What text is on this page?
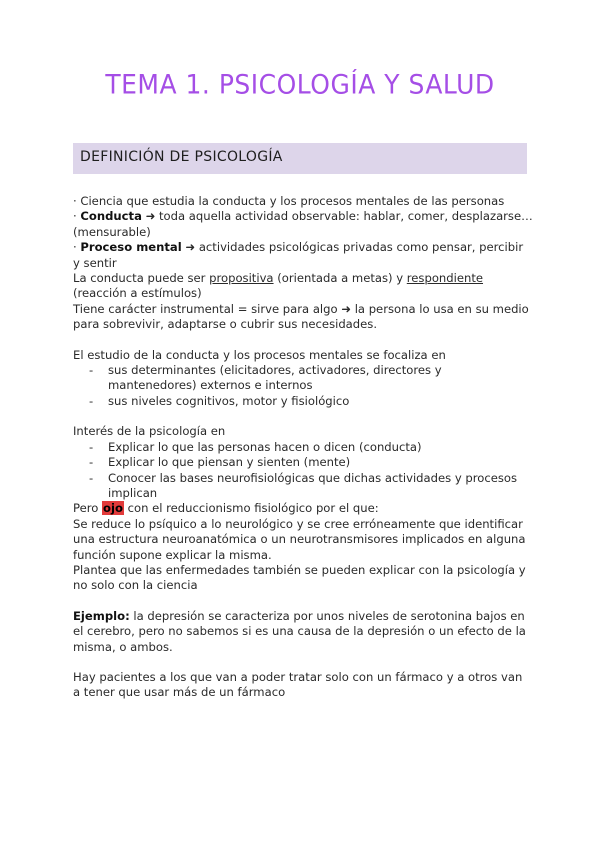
TEMA 1. PSICOLOGÍA Y SALUD
DEFINICIÓN DE PSICOLOGÍA

· Ciencia que estudia la conducta y los procesos mentales de las personas

· Conducta ➜ toda aquella actividad observable: hablar, comer, desplazarse… (mensurable)

· Proceso mental ➜ actividades psicológicas privadas como pensar, percibir y sentir

La conducta puede ser propositiva (orientada a metas) y respondiente (reacción a estímulos)

Tiene carácter instrumental = sirve para algo ➜ la persona lo usa en su medio para sobrevivir, adaptarse o cubrir sus necesidades.

El estudio de la conducta y los procesos mentales se focaliza en

- sus determinantes (elicitadores, activadores, directores y mantenedores) externos e internos
- sus niveles cognitivos, motor y fisiológico

Interés de la psicología en

- Explicar lo que las personas hacen o dicen (conducta)
- Explicar lo que piensan y sienten (mente)
- Conocer las bases neurofisiológicas que dichas actividades y procesos implican

Pero ojo con el reduccionismo fisiológico por el que:

Se reduce lo psíquico a lo neurológico y se cree erróneamente que identificar una estructura neuroanatómica o un neurotransmisores implicados en alguna función supone explicar la misma.

Plantea que las enfermedades también se pueden explicar con la psicología y no solo con la ciencia

Ejemplo: la depresión se caracteriza por unos niveles de serotonina bajos en el cerebro, pero no sabemos si es una causa de la depresión o un efecto de la misma, o ambos.

Hay pacientes a los que van a poder tratar solo con un fármaco y a otros van a tener que usar más de un fármaco
